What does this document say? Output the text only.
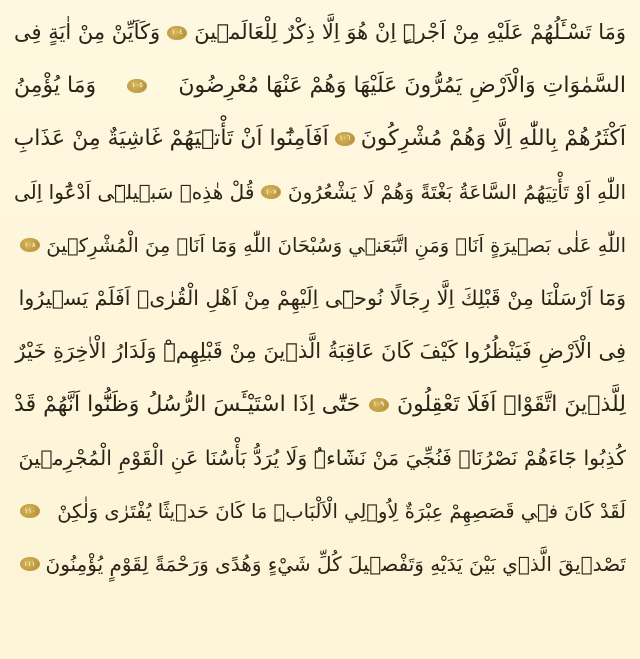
وَمَا تَسْـَٔلُهُمْ عَلَيْهِ مِنْ اَجْرٍۜ اِنْ هُوَ اِلَّا ذِكْرٌ لِلْعَالَم۪ينَ
١٠٤
وَكَاَيِّنْ مِنْ اٰيَةٍ فِى
السَّمٰوَاتِ وَالْاَرْضِ يَمُرُّونَ عَلَيْهَا وَهُمْ عَنْهَا مُعْرِضُونَ
١٠٥
وَمَا يُؤْمِنُ
اَكْثَرُهُمْ بِاللّٰهِ اِلَّا وَهُمْ مُشْرِكُونَ
١٠٦
اَفَاَمِنُٓوا اَنْ تَأْت۪يَهُمْ غَاشِيَةٌ مِنْ عَذَابِ
اللّٰهِ اَوْ تَأْتِيَهُمُ السَّاعَةُ بَغْتَةً وَهُمْ لَا يَشْعُرُونَ
١٠٧
قُلْ هٰذِه۪ سَب۪يل۪ٓى اَدْعُٓوا اِلَى
اللّٰهِ عَلٰى بَص۪يرَةٍ اَنَا۬ وَمَنِ اتَّبَعَن۪ي وَسُبْحَانَ اللّٰهِ وَمَٓا اَنَا۬ مِنَ الْمُشْرِك۪ينَ
١٠٨
وَمَٓا اَرْسَلْنَا مِنْ قَبْلِكَ اِلَّا رِجَالًا نُوح۪ٓى اِلَيْهِمْ مِنْ اَهْلِ الْقُرٰىۜ اَفَلَمْ يَس۪يرُوا
فِى الْاَرْضِ فَيَنْظُرُوا كَيْفَ كَانَ عَاقِبَةُ الَّذ۪ينَ مِنْ قَبْلِهِمْۜ وَلَدَارُ الْاٰخِرَةِ خَيْرٌ
لِلَّذ۪ينَ اتَّقَوْاۜ اَفَلَا تَعْقِلُونَ
١٠٩
حَتّٰٓى اِذَا اسْتَيْـَٔسَ الرُّسُلُ وَظَنُّٓوا اَنَّهُمْ قَدْ
كُذِبُوا جَٓاءَهُمْ نَصْرُنَاۙ فَنُجِّيَ مَنْ نَشَٓاءُۜ وَلَا يُرَدُّ بَأْسُنَا عَنِ الْقَوْمِ الْمُجْرِم۪ينَ
لَقَدْ كَانَ ف۪ي قَصَصِهِمْ عِبْرَةٌ لِاُو۬لِي الْاَلْبَابِۜ مَا كَانَ حَد۪يثًا يُفْتَرٰى وَلٰكِنْ
١١٠
تَصْد۪يقَ الَّذ۪ي بَيْنَ يَدَيْهِ وَتَفْص۪يلَ كُلِّ شَيْءٍ وَهُدًى وَرَحْمَةً لِقَوْمٍ يُؤْمِنُونَ
١١١
